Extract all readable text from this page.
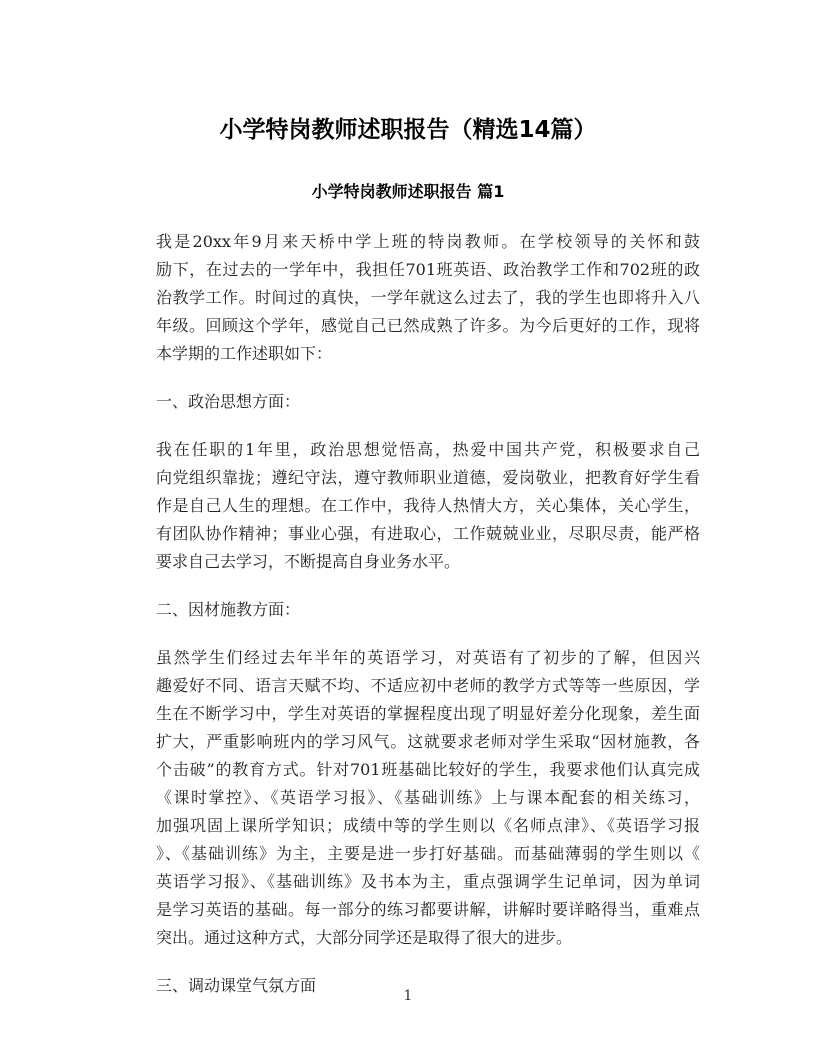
小学特岗教师述职报告（精选14篇）
小学特岗教师述职报告 篇1
我是20xx年9月来天桥中学上班的特岗教师。在学校领导的关怀和鼓
励下，在过去的一学年中，我担任701班英语、政治教学工作和702班的政
治教学工作。时间过的真快，一学年就这么过去了，我的学生也即将升入八
年级。回顾这个学年，感觉自己已然成熟了许多。为今后更好的工作，现将
本学期的工作述职如下：
一、政治思想方面：
我在任职的1年里，政治思想觉悟高，热爱中国共产党，积极要求自己
向党组织靠拢；遵纪守法，遵守教师职业道德，爱岗敬业，把教育好学生看
作是自己人生的理想。在工作中，我待人热情大方，关心集体，关心学生，
有团队协作精神；事业心强，有进取心，工作兢兢业业，尽职尽责，能严格
要求自己去学习，不断提高自身业务水平。
二、因材施教方面：
虽然学生们经过去年半年的英语学习，对英语有了初步的了解，但因兴
趣爱好不同、语言天赋不均、不适应初中老师的教学方式等等一些原因，学
生在不断学习中，学生对英语的掌握程度出现了明显好差分化现象，差生面
扩大，严重影响班内的学习风气。这就要求老师对学生采取“因材施教，各
个击破”的教育方式。针对701班基础比较好的学生，我要求他们认真完成
《课时掌控》、《英语学习报》、《基础训练》上与课本配套的相关练习，
加强巩固上课所学知识；成绩中等的学生则以《名师点津》、《英语学习报
》、《基础训练》为主，主要是进一步打好基础。而基础薄弱的学生则以《
英语学习报》、《基础训练》及书本为主，重点强调学生记单词，因为单词
是学习英语的基础。每一部分的练习都要讲解，讲解时要详略得当，重难点
突出。通过这种方式，大部分同学还是取得了很大的进步。
三、调动课堂气氛方面
1
